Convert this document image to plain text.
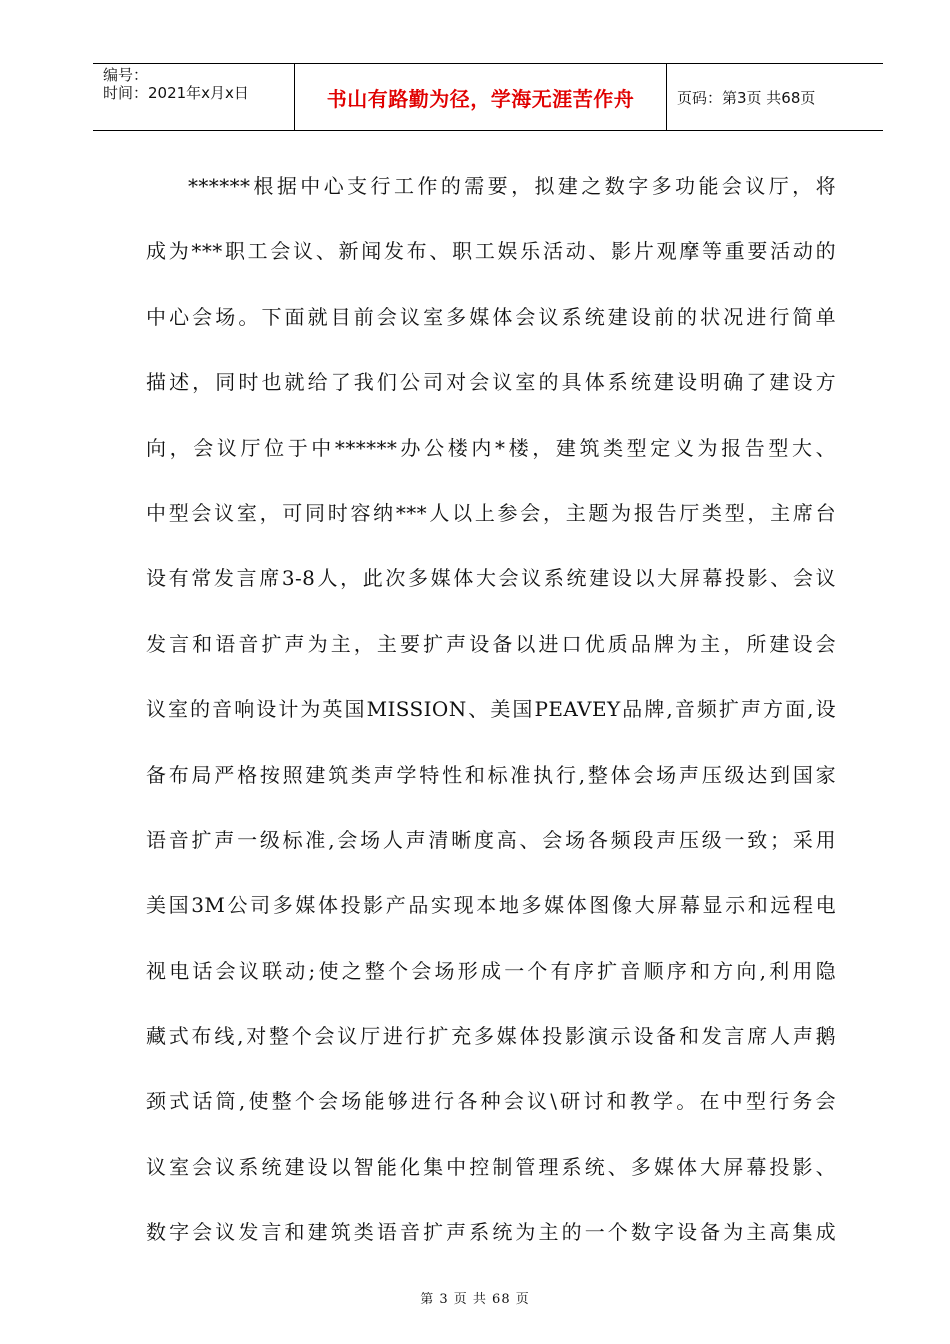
编号：
时间：2021年x月x日	书山有路勤为径，学海无涯苦作舟	页码：第3页 共68页
******根据中心支行工作的需要，拟建之数字多功能会议厅，将
成为***职工会议、新闻发布、职工娱乐活动、影片观摩等重要活动的
中心会场。下面就目前会议室多媒体会议系统建设前的状况进行简单
描述，同时也就给了我们公司对会议室的具体系统建设明确了建设方
向，会议厅位于中******办公楼内*楼，建筑类型定义为报告型大、
中型会议室，可同时容纳***人以上参会，主题为报告厅类型，主席台
设有常发言席3-8人，此次多媒体大会议系统建设以大屏幕投影、会议
发言和语音扩声为主，主要扩声设备以进口优质品牌为主，所建设会
议室的音响设计为英国MISSION、美国PEAVEY品牌,音频扩声方面,设
备布局严格按照建筑类声学特性和标准执行,整体会场声压级达到国家
语音扩声一级标准,会场人声清晰度高、会场各频段声压级一致；采用
美国3M公司多媒体投影产品实现本地多媒体图像大屏幕显示和远程电
视电话会议联动;使之整个会场形成一个有序扩音顺序和方向,利用隐
藏式布线,对整个会议厅进行扩充多媒体投影演示设备和发言席人声鹅
颈式话筒,使整个会场能够进行各种会议\研讨和教学。在中型行务会
议室会议系统建设以智能化集中控制管理系统、多媒体大屏幕投影、
数字会议发言和建筑类语音扩声系统为主的一个数字设备为主高集成
第 3 页 共 68 页
